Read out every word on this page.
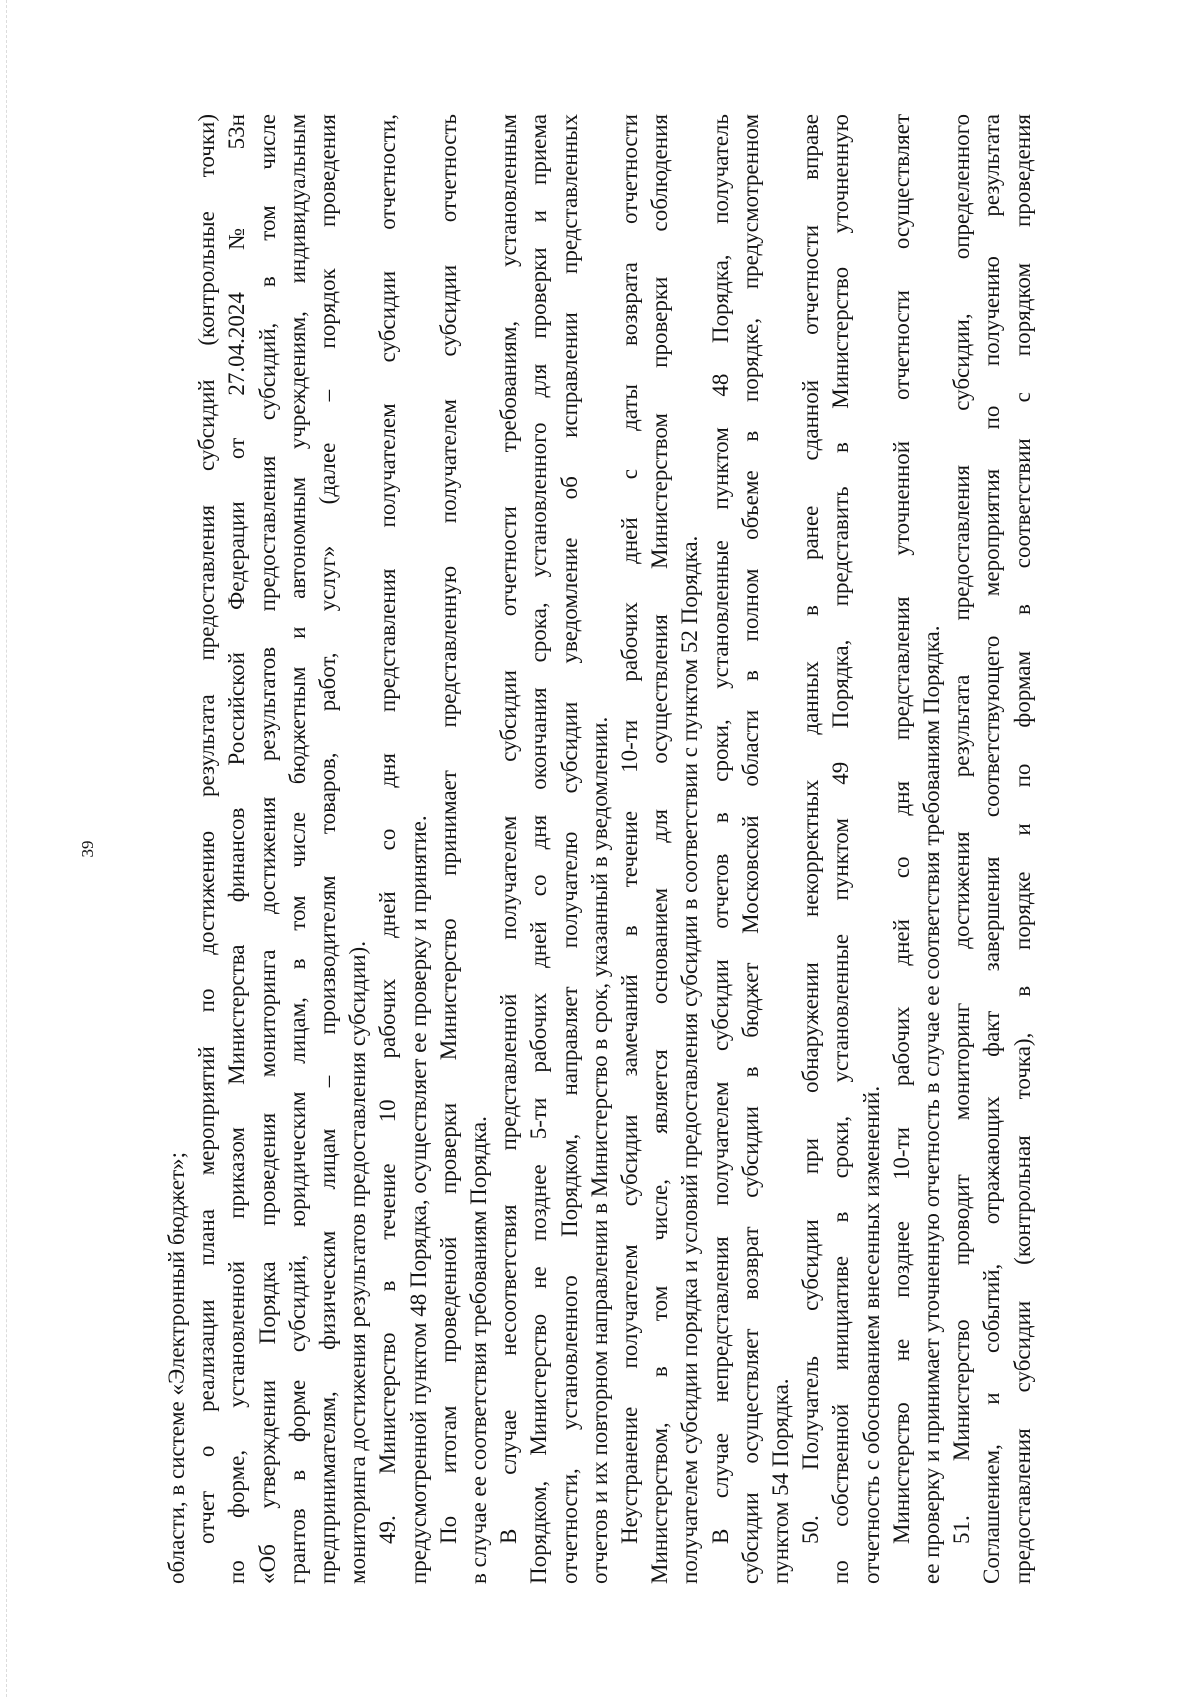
39
области, в системе «Электронный бюджет»; отчет о реализации плана мероприятий по достижению результата предоставления субсидий (контрольные точки) по форме, установленной приказом Министерства финансов Российской Федерации от 27.04.2024 № 53н «Об утверждении Порядка проведения мониторинга достижения результатов предоставления субсидий, в том числе грантов в форме субсидий, юридическим лицам, в том числе бюджетным и автономным учреждениям, индивидуальным предпринимателям, физическим лицам – производителям товаров, работ, услуг» (далее – порядок проведения мониторинга достижения результатов предоставления субсидии). 49. Министерство в течение 10 рабочих дней со дня представления получателем субсидии отчетности, предусмотренной пунктом 48 Порядка, осуществляет ее проверку и принятие. По итогам проведенной проверки Министерство принимает представленную получателем субсидии отчетность в случае ее соответствия требованиям Порядка. В случае несоответствия представленной получателем субсидии отчетности требованиям, установленным Порядком, Министерство не позднее 5-ти рабочих дней со дня окончания срока, установленного для проверки и приема отчетности, установленного Порядком, направляет получателю субсидии уведомление об исправлении представленных отчетов и их повторном направлении в Министерство в срок, указанный в уведомлении. Неустранение получателем субсидии замечаний в течение 10-ти рабочих дней с даты возврата отчетности Министерством, в том числе, является основанием для осуществления Министерством проверки соблюдения получателем субсидии порядка и условий предоставления субсидии в соответствии с пунктом 52 Порядка. В случае непредставления получателем субсидии отчетов в сроки, установленные пунктом 48 Порядка, получатель субсидии осуществляет возврат субсидии в бюджет Московской области в полном объеме в порядке, предусмотренном пунктом 54 Порядка. 50. Получатель субсидии при обнаружении некорректных данных в ранее сданной отчетности вправе по собственной инициативе в сроки, установленные пунктом 49 Порядка, представить в Министерство уточненную отчетность с обоснованием внесенных изменений. Министерство не позднее 10-ти рабочих дней со дня представления уточненной отчетности осуществляет ее проверку и принимает уточненную отчетность в случае ее соответствия требованиям Порядка. 51. Министерство проводит мониторинг достижения результата предоставления субсидии, определенного Соглашением, и событий, отражающих факт завершения соответствующего мероприятия по получению результата предоставления субсидии (контрольная точка), в порядке и по формам в соответствии с порядком проведения
